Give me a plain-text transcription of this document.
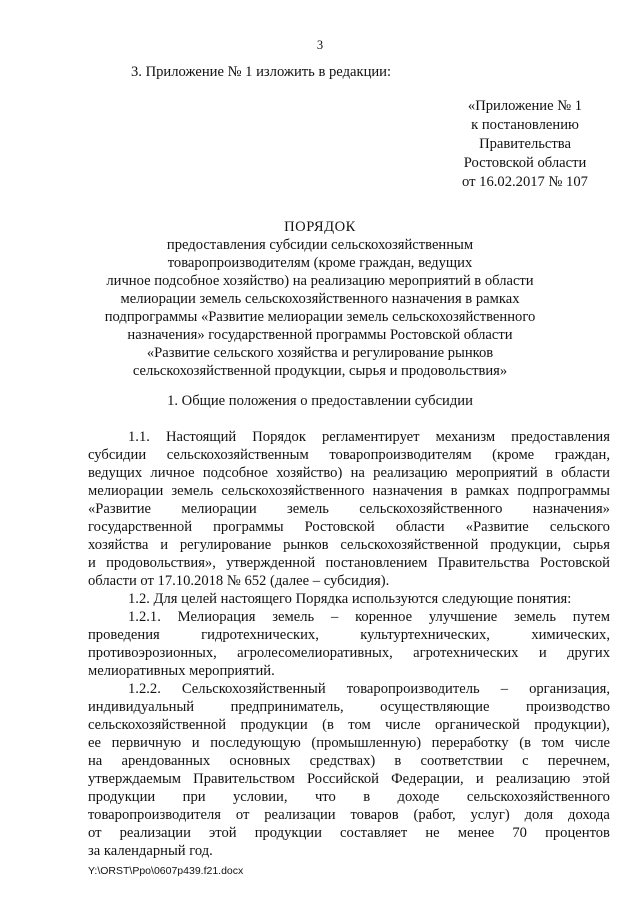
3
3. Приложение № 1 изложить в редакции:
«Приложение № 1
к постановлению
Правительства
Ростовской области
от 16.02.2017 № 107
ПОРЯДОК
предоставления субсидии сельскохозяйственным
товаропроизводителям (кроме граждан, ведущих
личное подсобное хозяйство) на реализацию мероприятий в области
мелиорации земель сельскохозяйственного назначения в рамках
подпрограммы «Развитие мелиорации земель сельскохозяйственного
назначения» государственной программы Ростовской области
«Развитие сельского хозяйства и регулирование рынков
сельскохозяйственной продукции, сырья и продовольствия»
1. Общие положения о предоставлении субсидии
1.1. Настоящий Порядок регламентирует механизм предоставления
субсидии сельскохозяйственным товаропроизводителям (кроме граждан,
ведущих личное подсобное хозяйство) на реализацию мероприятий в области
мелиорации земель сельскохозяйственного назначения в рамках подпрограммы
«Развитие мелиорации земель сельскохозяйственного назначения»
государственной программы Ростовской области «Развитие сельского
хозяйства и регулирование рынков сельскохозяйственной продукции, сырья
и продовольствия», утвержденной постановлением Правительства Ростовской
области от 17.10.2018 № 652 (далее – субсидия).
1.2. Для целей настоящего Порядка используются следующие понятия:
1.2.1. Мелиорация земель – коренное улучшение земель путем
проведения	гидротехнических,	культуртехнических,	химических,
противоэрозионных, агролесомелиоративных, агротехнических и других
мелиоративных мероприятий.
1.2.2. Сельскохозяйственный товаропроизводитель – организация,
индивидуальный	предприниматель,	осуществляющие	производство
сельскохозяйственной продукции (в том числе органической продукции),
ее первичную и последующую (промышленную) переработку (в том числе
на арендованных основных средствах) в соответствии с перечнем,
утверждаемым Правительством Российской Федерации, и реализацию этой
продукции при условии, что в доходе сельскохозяйственного
товаропроизводителя от реализации товаров (работ, услуг) доля дохода
от реализации этой продукции составляет не менее 70 процентов
за календарный год.
Y:\ORST\Ppo\0607p439.f21.docx
